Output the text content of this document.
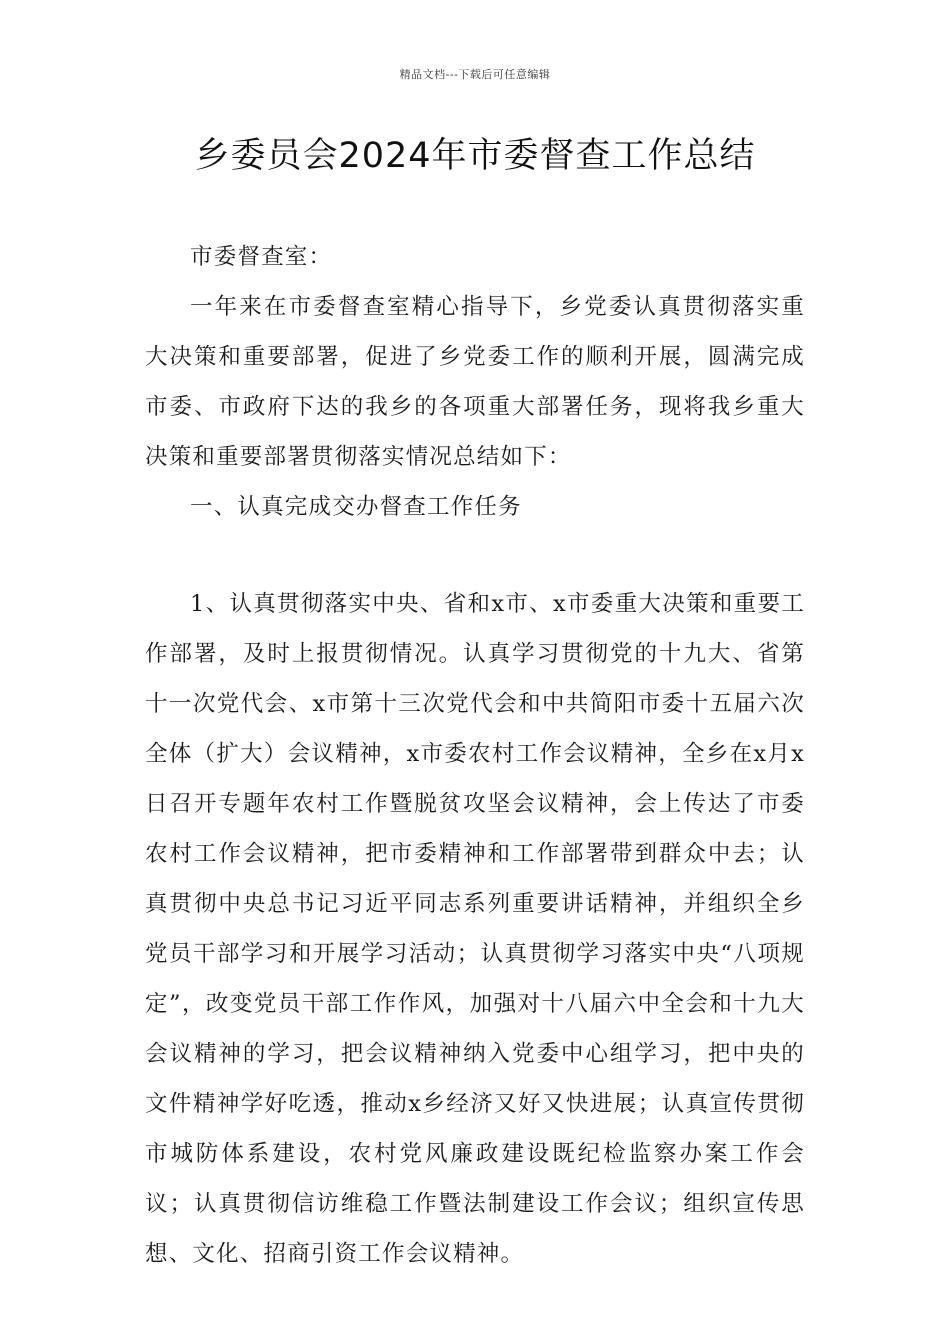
精品文档---下载后可任意编辑
乡委员会2024年市委督查工作总结

市委督查室：

一年来在市委督查室精心指导下，乡党委认真贯彻落实重大决策和重要部署，促进了乡党委工作的顺利开展，圆满完成市委、市政府下达的我乡的各项重大部署任务，现将我乡重大决策和重要部署贯彻落实情况总结如下：

一、认真完成交办督查工作任务

1、认真贯彻落实中央、省和x市、x市委重大决策和重要工作部署，及时上报贯彻情况。认真学习贯彻党的十九大、省第十一次党代会、x市第十三次党代会和中共简阳市委十五届六次全体（扩大）会议精神，x市委农村工作会议精神，全乡在x月x日召开专题年农村工作暨脱贫攻坚会议精神，会上传达了市委农村工作会议精神，把市委精神和工作部署带到群众中去；认真贯彻中央总书记习近平同志系列重要讲话精神，并组织全乡党员干部学习和开展学习活动；认真贯彻学习落实中央“八项规定”，改变党员干部工作作风，加强对十八届六中全会和十九大会议精神的学习，把会议精神纳入党委中心组学习，把中央的文件精神学好吃透，推动x乡经济又好又快进展；认真宣传贯彻市城防体系建设，农村党风廉政建设既纪检监察办案工作会议；认真贯彻信访维稳工作暨法制建设工作会议；组织宣传思想、文化、招商引资工作会议精神。
